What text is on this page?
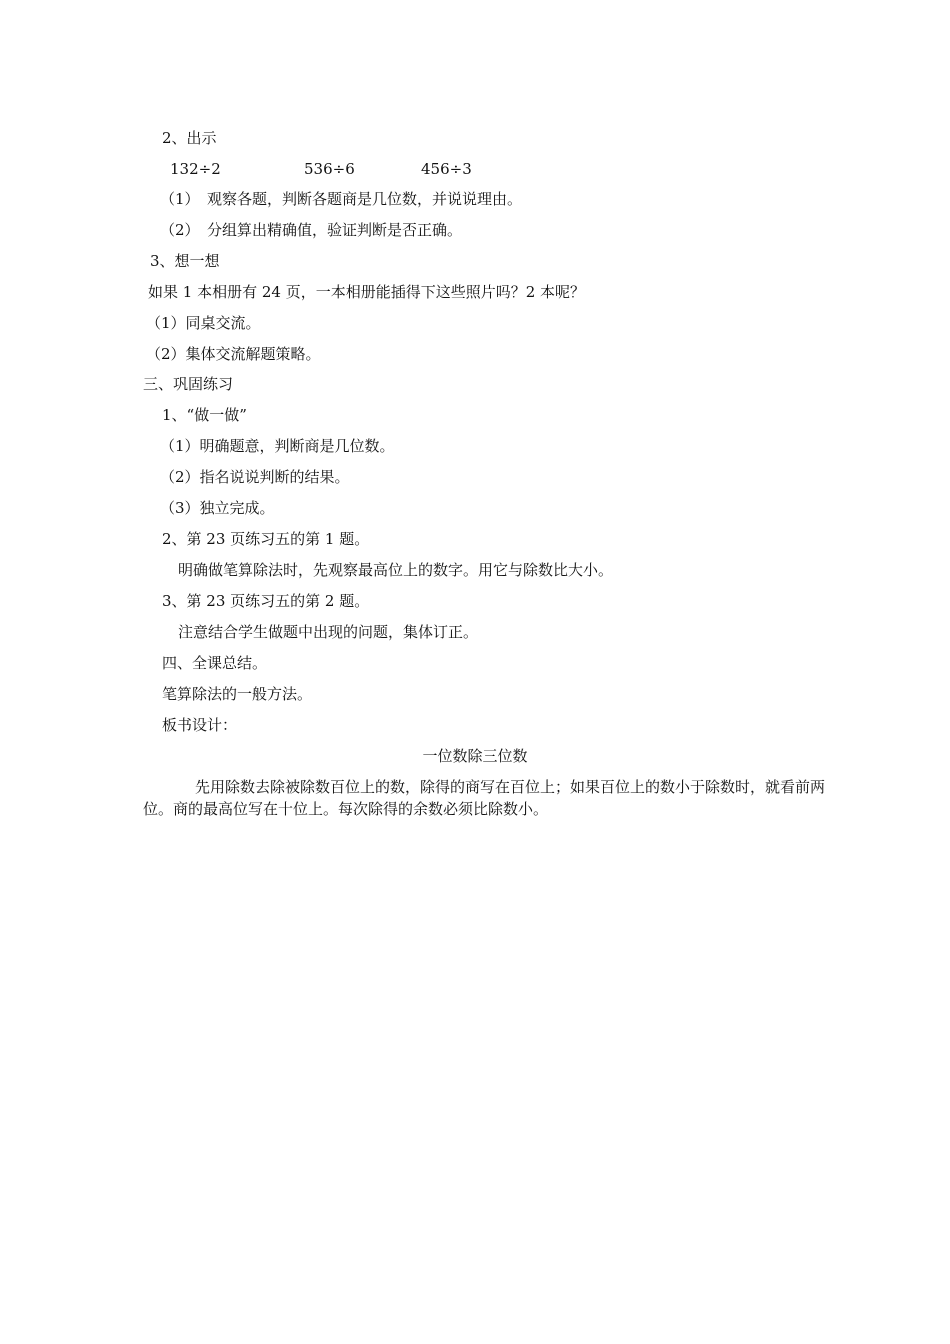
2、出示
132÷2	536÷6	456÷3
（1）　观察各题，判断各题商是几位数，并说说理由。
（2）　分组算出精确值，验证判断是否正确。
3、想一想
如果 1 本相册有 24 页，一本相册能插得下这些照片吗？2 本呢？
（1）同桌交流。
（2）集体交流解题策略。
三、巩固练习
1、“做一做”
（1）明确题意，判断商是几位数。
（2）指名说说判断的结果。
（3）独立完成。
2、第 23 页练习五的第 1 题。
明确做笔算除法时，先观察最高位上的数字。用它与除数比大小。
3、第 23 页练习五的第 2 题。
注意结合学生做题中出现的问题，集体订正。
四、全课总结。
笔算除法的一般方法。
板书设计：
一位数除三位数
先用除数去除被除数百位上的数，除得的商写在百位上；如果百位上的数小于除数时，就看前两位。商的最高位写在十位上。每次除得的余数必须比除数小。
